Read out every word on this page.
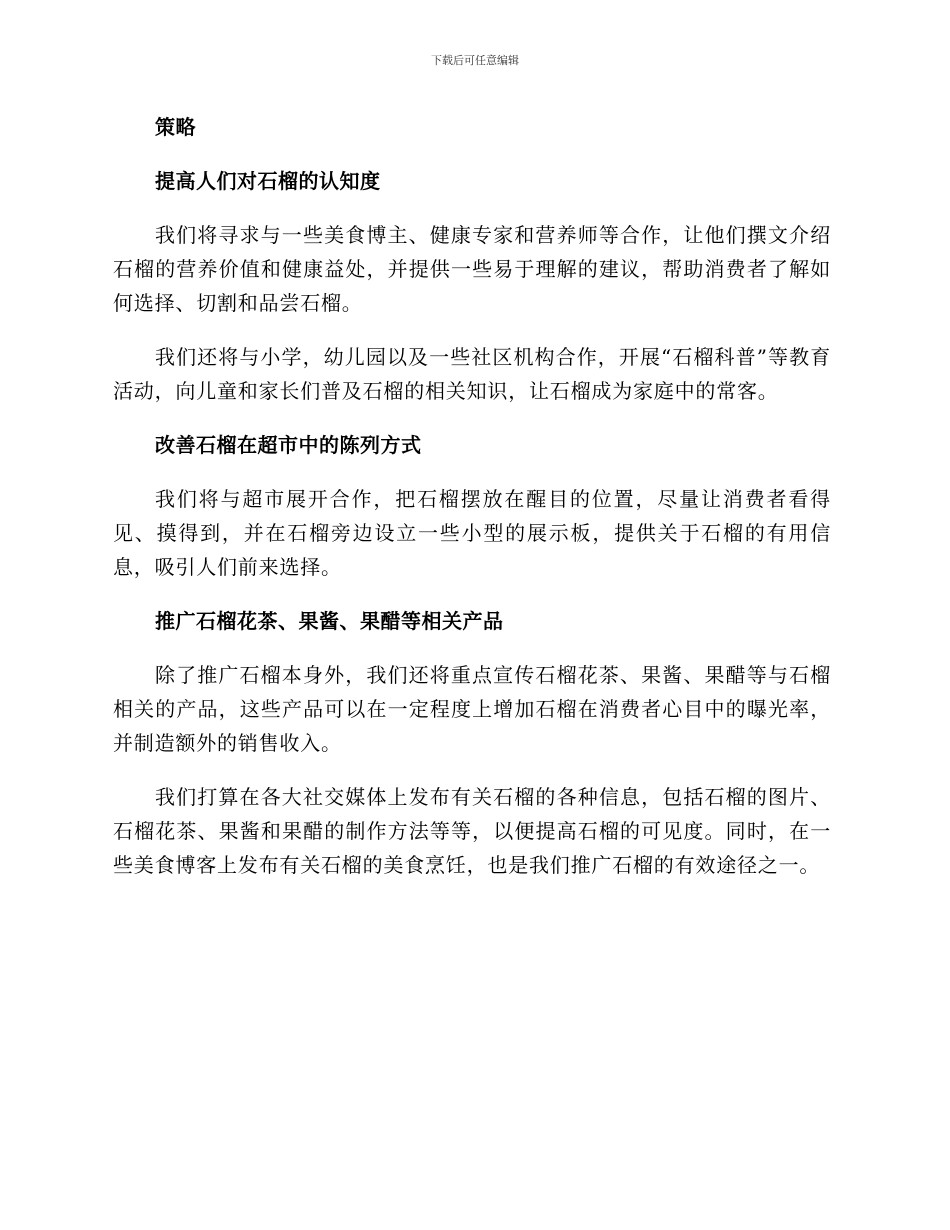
下载后可任意编辑
策略
提高人们对石榴的认知度
我们将寻求与一些美食博主、健康专家和营养师等合作，让他们撰文介绍石榴的营养价值和健康益处，并提供一些易于理解的建议，帮助消费者了解如何选择、切割和品尝石榴。
我们还将与小学，幼儿园以及一些社区机构合作，开展“石榴科普”等教育活动，向儿童和家长们普及石榴的相关知识，让石榴成为家庭中的常客。
改善石榴在超市中的陈列方式
我们将与超市展开合作，把石榴摆放在醒目的位置，尽量让消费者看得见、摸得到，并在石榴旁边设立一些小型的展示板，提供关于石榴的有用信息，吸引人们前来选择。
推广石榴花茶、果酱、果醋等相关产品
除了推广石榴本身外，我们还将重点宣传石榴花茶、果酱、果醋等与石榴相关的产品，这些产品可以在一定程度上增加石榴在消费者心目中的曝光率，并制造额外的销售收入。
我们打算在各大社交媒体上发布有关石榴的各种信息，包括石榴的图片、石榴花茶、果酱和果醋的制作方法等等，以便提高石榴的可见度。同时，在一些美食博客上发布有关石榴的美食烹饪，也是我们推广石榴的有效途径之一。
